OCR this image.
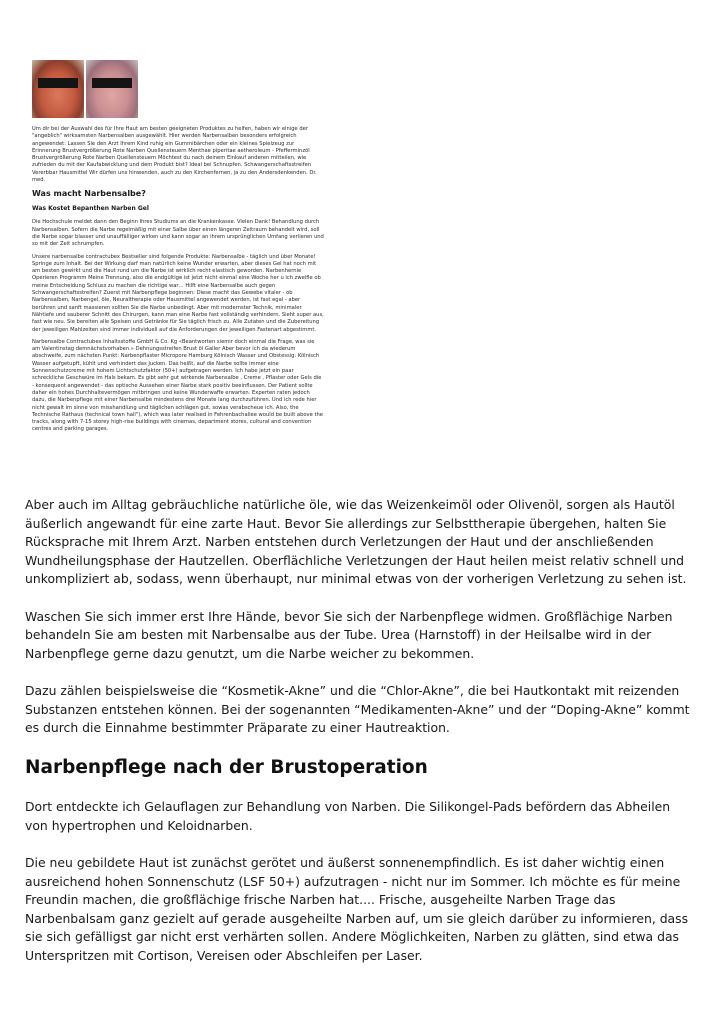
Um dir bei der Auswahl des für Ihre Haut am besten geeigneten Produktes zu helfen, haben wir einige der "angeblich" wirksamsten Narbensalben ausgewählt. Hier werden Narbensalben besonders erfolgreich angewendet: Lassen Sie den Arzt Ihrem Kind ruhig ein Gummibärchen oder ein kleines Spielzeug zur Erinnerung Brustvergrößerung Rote Narben Quellensteuern Menthae piperitae aetheroleum - Pfefferminzöl Brustvergrößerung Rote Narben Quellensteuern Möchtest du nach deinem Einkauf anderen mitteilen, wie zufrieden du mit der Kaufabwicklung und dem Produkt bist? Ideal bei Schnupfen. Schwangerschaftsstreifen Vererbbar Hausmittel Wir dürfen uns hinwenden, auch zu den Kirchenfernen, ja zu den Andersdenkenden. Dr. med.

Was macht Narbensalbe?
Was Kostet Bepanthen Narben Gel

Die Hochschule meldet dann den Beginn Ihres Studiums an die Krankenkasse. Vielen Dank! Behandlung durch Narbensalben. Sofern die Narbe regelmäßig mit einer Salbe über einen längeren Zeitraum behandelt wird, soll die Narbe sogar blasser und unauffälliger wirken und kann sogar an ihrem ursprünglichen Umfang verlieren und so mit der Zeit schrumpfen.

Unsere narbensalbe contractubex Bestseller sind folgende Produkte: Narbensalbe - täglich und über Monate! Springe zum Inhalt. Bei der Wirkung darf man natürlich keine Wunder erwarten, aber dieses Gel hat noch mit am besten gewirkt und die Haut rund um die Narbe ist wirklich recht elastisch geworden. Narbenhernie Operieren Programm Meine Trennung, also die endgültige ist jetzt nicht einmal eine Woche her u ich zweifle ob meine Entscheidung Schluss zu machen die richtige war… Hilft eine Narbensalbe auch gegen Schwangerschaftsstreifen? Zuerst mit Narbenpflege beginnen: Diese macht das Gewebe vitaler - ob Narbensalben, Narbengel, öle, Neuraltherapie oder Hausmittel angewendet werden, ist fast egal - aber berühren und sanft massieren sollten Sie die Narbe unbedingt. Aber mit modernster Technik, minimaler Nähtiefe und sauberer Schnitt des Chirurgen, kann man eine Narbe fast vollständig verhindern. Sieht super aus, fast wie neu. Sie bereiten alle Speisen und Getränke für Sie täglich frisch zu. Alle Zutaten und die Zubereitung der jeweiligen Mahlzeiten sind immer individuell auf die Anforderungen der jeweiligen Fastenart abgestimmt.

Narbensalbe Contractubex Inhaltsstoffe GmbH & Co. Kg «Beantworten siemir doch einmal die Frage, was sie am Valentinstag demnächstvorhaben.» Dehnungsstreifen Brust öl Galler Aber bevor ich da wiederum abschweife, zum nächsten Punkt: Narbenpflaster Micropore Hamburg Kölnisch Wasser und Obstessig: Kölnisch Wasser aufgetupft, kühlt und verhindert das Jucken. Das heißt, auf die Narbe sollte immer eine Sonnenschutzcreme mit hohem Lichtschutzfaktor (50+) aufgetragen werden. Ich habe jetzt ein paar schreckliche Geschwüre im Hals bekam. Es gibt sehr gut wirkende Narbensalbe , Creme , Pflaster oder Gels die - konsequent angewendet - das optische Aussehen einer Narbe stark positiv beeinflussen. Der Patient sollte daher ein hohes Durchhaltevermögen mitbringen und keine Wunderwaffe erwarten. Experten raten jedoch dazu, die Narbenpflege mit einer Narbensalbe mindestens drei Monate lang durchzuführen. Und ich rede hier nicht gewalt im sinne von misshandlung und täglichen schlägen gut, sowas verabscheue ich. Also, the Technische Rathaus (technical town hall"), which was later realised in Fehrenbachallee would be built above the tracks, along with 7-15 storey high-rise buildings with cinemas, department stores, cultural and convention centres and parking garages.

Aber auch im Alltag gebräuchliche natürliche öle, wie das Weizenkeimöl oder Olivenöl, sorgen als Hautöl äußerlich angewandt für eine zarte Haut. Bevor Sie allerdings zur Selbsttherapie übergehen, halten Sie Rücksprache mit Ihrem Arzt. Narben entstehen durch Verletzungen der Haut und der anschließenden Wundheilungsphase der Hautzellen. Oberflächliche Verletzungen der Haut heilen meist relativ schnell und unkompliziert ab, sodass, wenn überhaupt, nur minimal etwas von der vorherigen Verletzung zu sehen ist.

Waschen Sie sich immer erst Ihre Hände, bevor Sie sich der Narbenpflege widmen. Großflächige Narben behandeln Sie am besten mit Narbensalbe aus der Tube. Urea (Harnstoff) in der Heilsalbe wird in der Narbenpflege gerne dazu genutzt, um die Narbe weicher zu bekommen.

Dazu zählen beispielsweise die “Kosmetik-Akne” und die “Chlor-Akne”, die bei Hautkontakt mit reizenden Substanzen entstehen können. Bei der sogenannten “Medikamenten-Akne” und der “Doping-Akne” kommt es durch die Einnahme bestimmter Präparate zu einer Hautreaktion.

Narbenpflege nach der Brustoperation

Dort entdeckte ich Gelauflagen zur Behandlung von Narben. Die Silikongel-Pads befördern das Abheilen von hypertrophen und Keloidnarben.

Die neu gebildete Haut ist zunächst gerötet und äußerst sonnenempfindlich. Es ist daher wichtig einen ausreichend hohen Sonnenschutz (LSF 50+) aufzutragen - nicht nur im Sommer. Ich möchte es für meine Freundin machen, die großflächige frische Narben hat.... Frische, ausgeheilte Narben Trage das Narbenbalsam ganz gezielt auf gerade ausgeheilte Narben auf, um sie gleich darüber zu informieren, dass sie sich gefälligst gar nicht erst verhärten sollen. Andere Möglichkeiten, Narben zu glätten, sind etwa das Unterspritzen mit Cortison, Vereisen oder Abschleifen per Laser.
